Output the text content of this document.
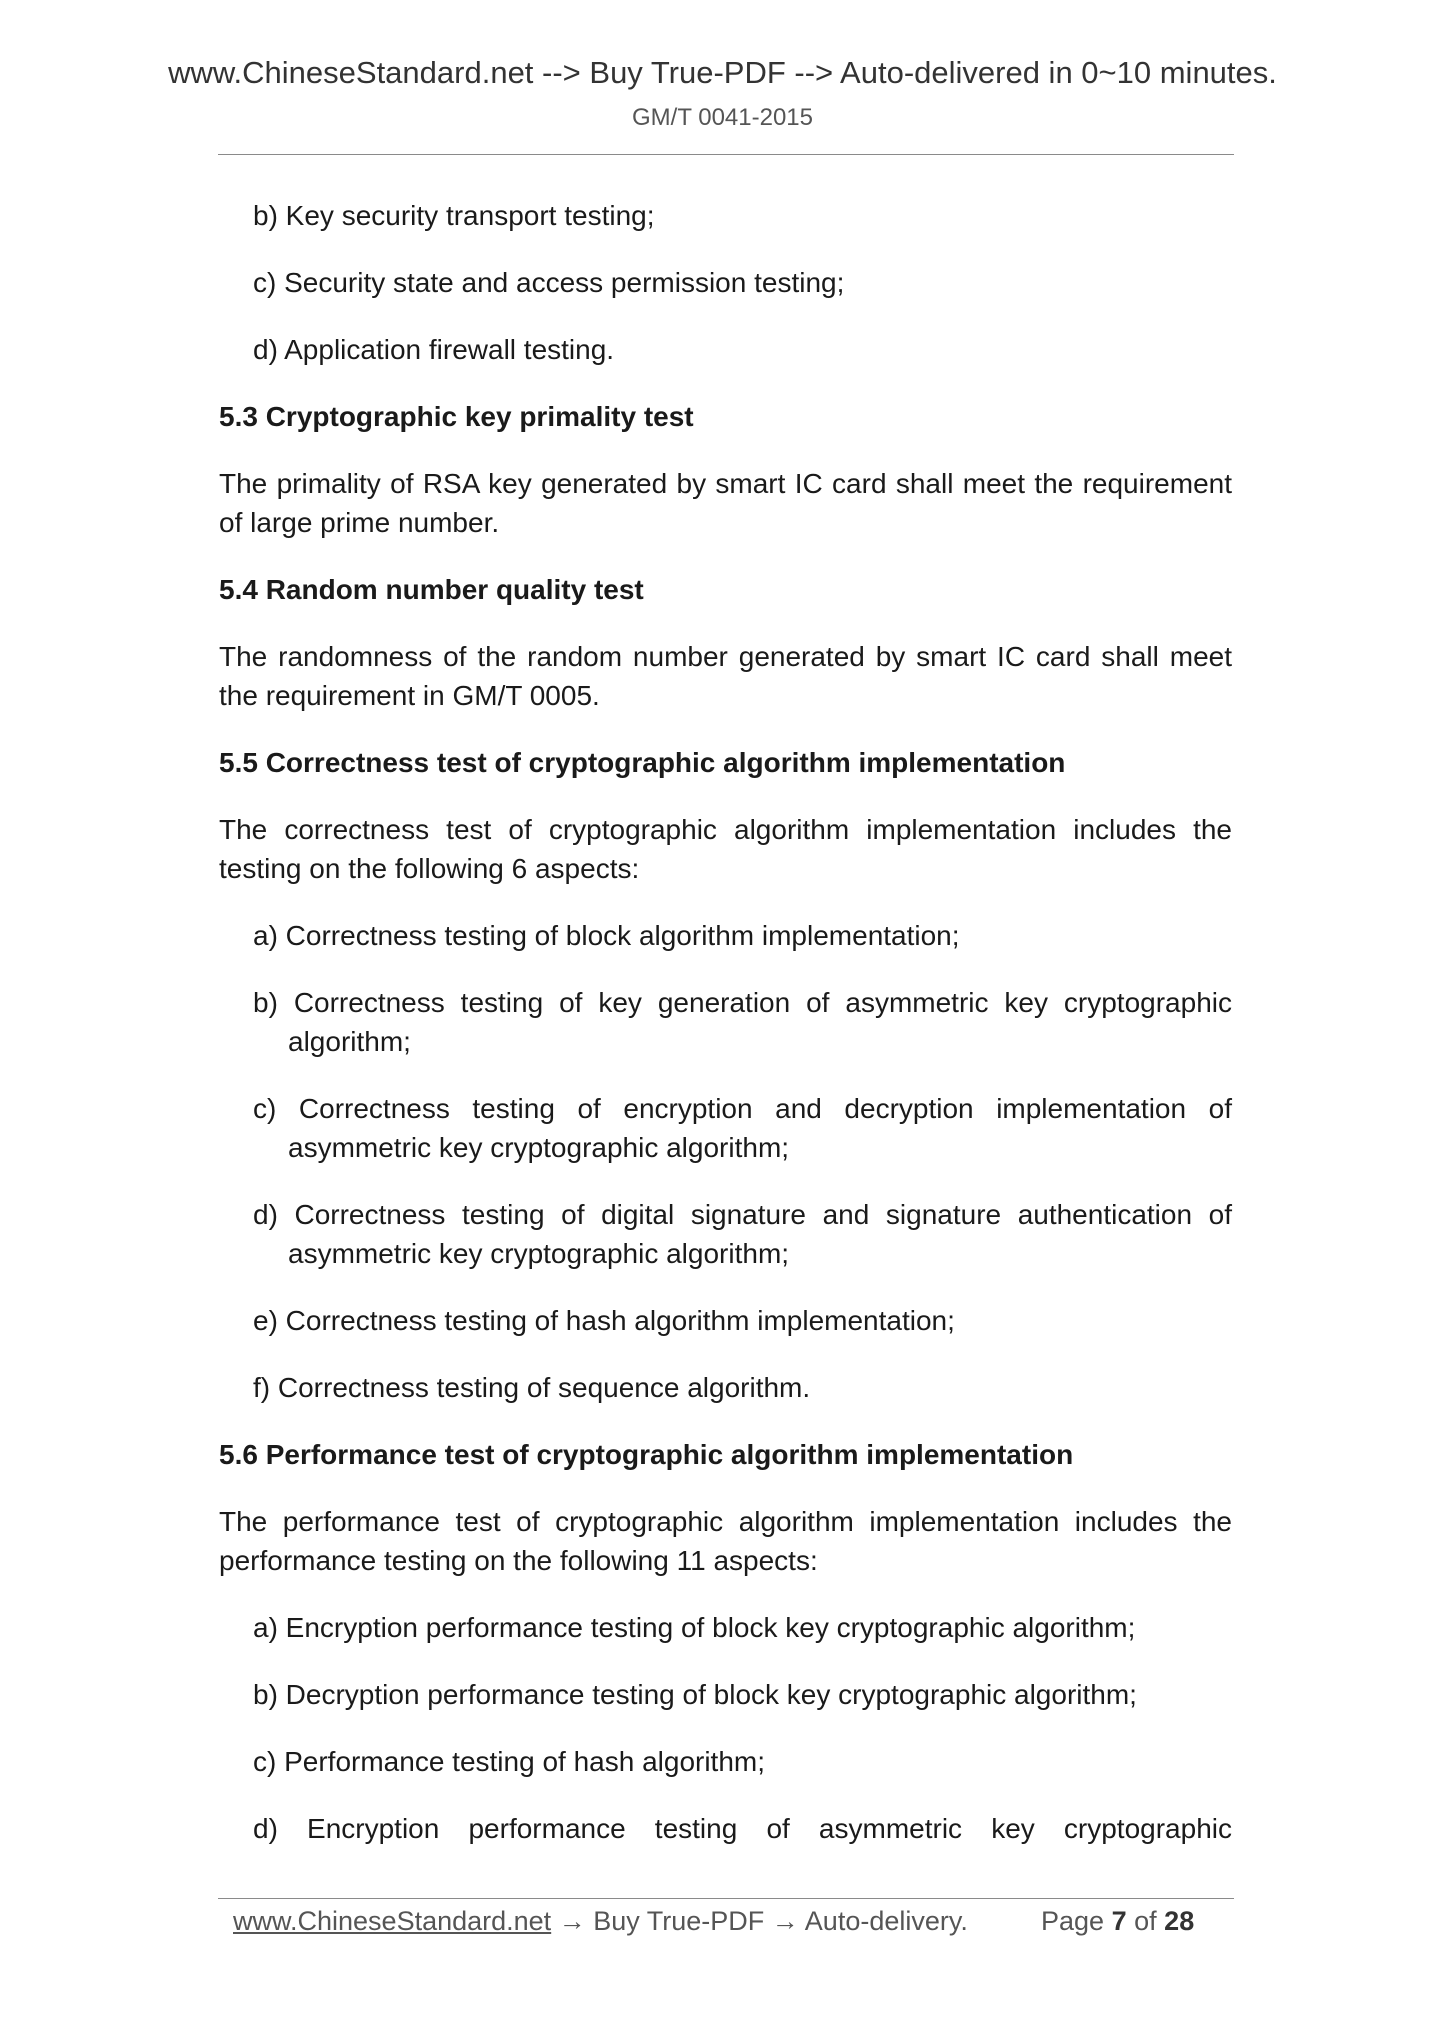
www.ChineseStandard.net --> Buy True-PDF --> Auto-delivered in 0~10 minutes.
GM/T 0041-2015
b) Key security transport testing;
c) Security state and access permission testing;
d) Application firewall testing.
5.3 Cryptographic key primality test
The primality of RSA key generated by smart IC card shall meet the requirement of large prime number.
5.4 Random number quality test
The randomness of the random number generated by smart IC card shall meet the requirement in GM/T 0005.
5.5 Correctness test of cryptographic algorithm implementation
The correctness test of cryptographic algorithm implementation includes the testing on the following 6 aspects:
a) Correctness testing of block algorithm implementation;
b) Correctness testing of key generation of asymmetric key cryptographic algorithm;
c) Correctness testing of encryption and decryption implementation of asymmetric key cryptographic algorithm;
d) Correctness testing of digital signature and signature authentication of asymmetric key cryptographic algorithm;
e) Correctness testing of hash algorithm implementation;
f) Correctness testing of sequence algorithm.
5.6 Performance test of cryptographic algorithm implementation
The performance test of cryptographic algorithm implementation includes the performance testing on the following 11 aspects:
a) Encryption performance testing of block key cryptographic algorithm;
b) Decryption performance testing of block key cryptographic algorithm;
c) Performance testing of hash algorithm;
d) Encryption performance testing of asymmetric key cryptographic
www.ChineseStandard.net → Buy True-PDF → Auto-delivery.	Page 7 of 28
